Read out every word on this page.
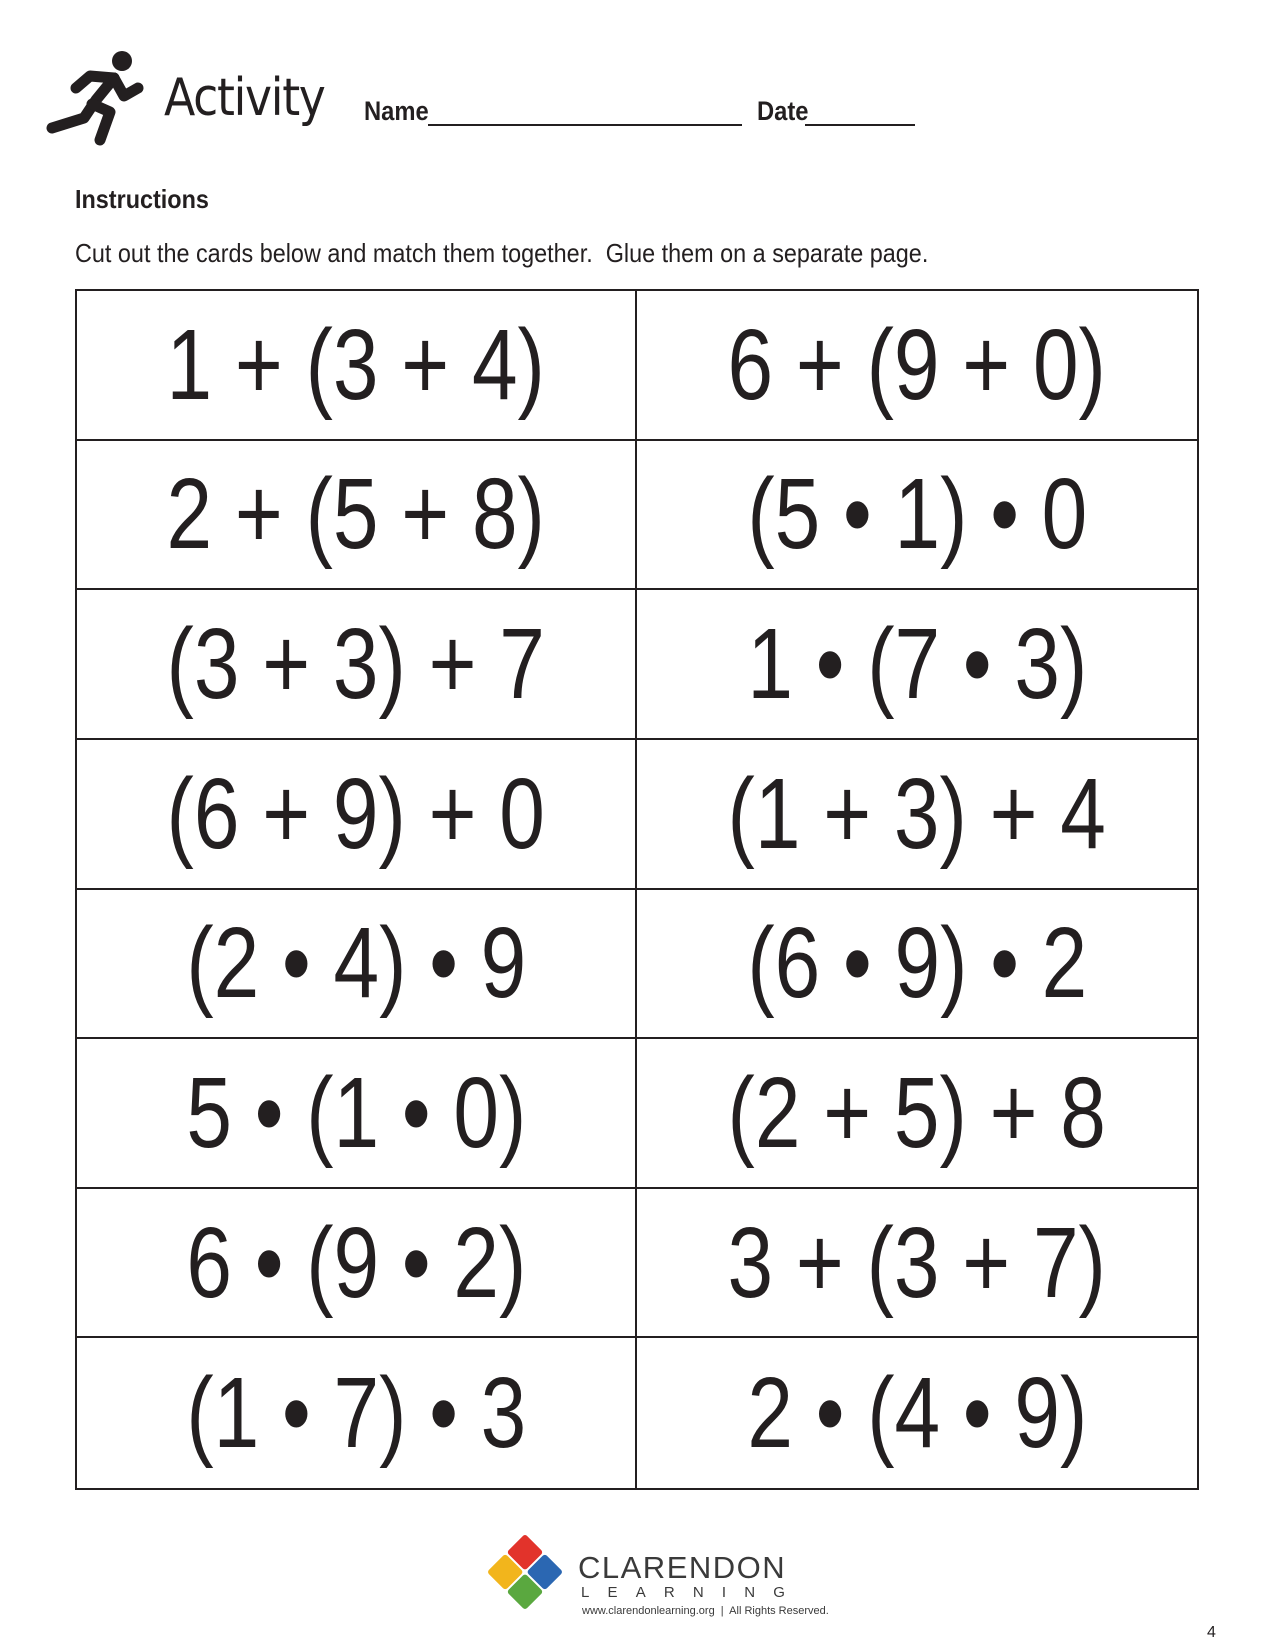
Activity Name	Date
Instructions
Cut out the cards below and match them together.  Glue them on a separate page.
1 + (3 + 4) 6 + (9 + 0)
2 + (5 + 8) (5 • 1) • 0
(3 + 3) + 7 1 • (7 • 3)
(6 + 9) + 0 (1 + 3) + 4
(2 • 4) • 9 (6 • 9) • 2
5 • (1 • 0) (2 + 5) + 8
6 • (9 • 2) 3 + (3 + 7)
(1 • 7) • 3 2 • (4 • 9)
CLARENDON
L E A R N I N G
www.clarendonlearning.org  |  All Rights Reserved.
4
